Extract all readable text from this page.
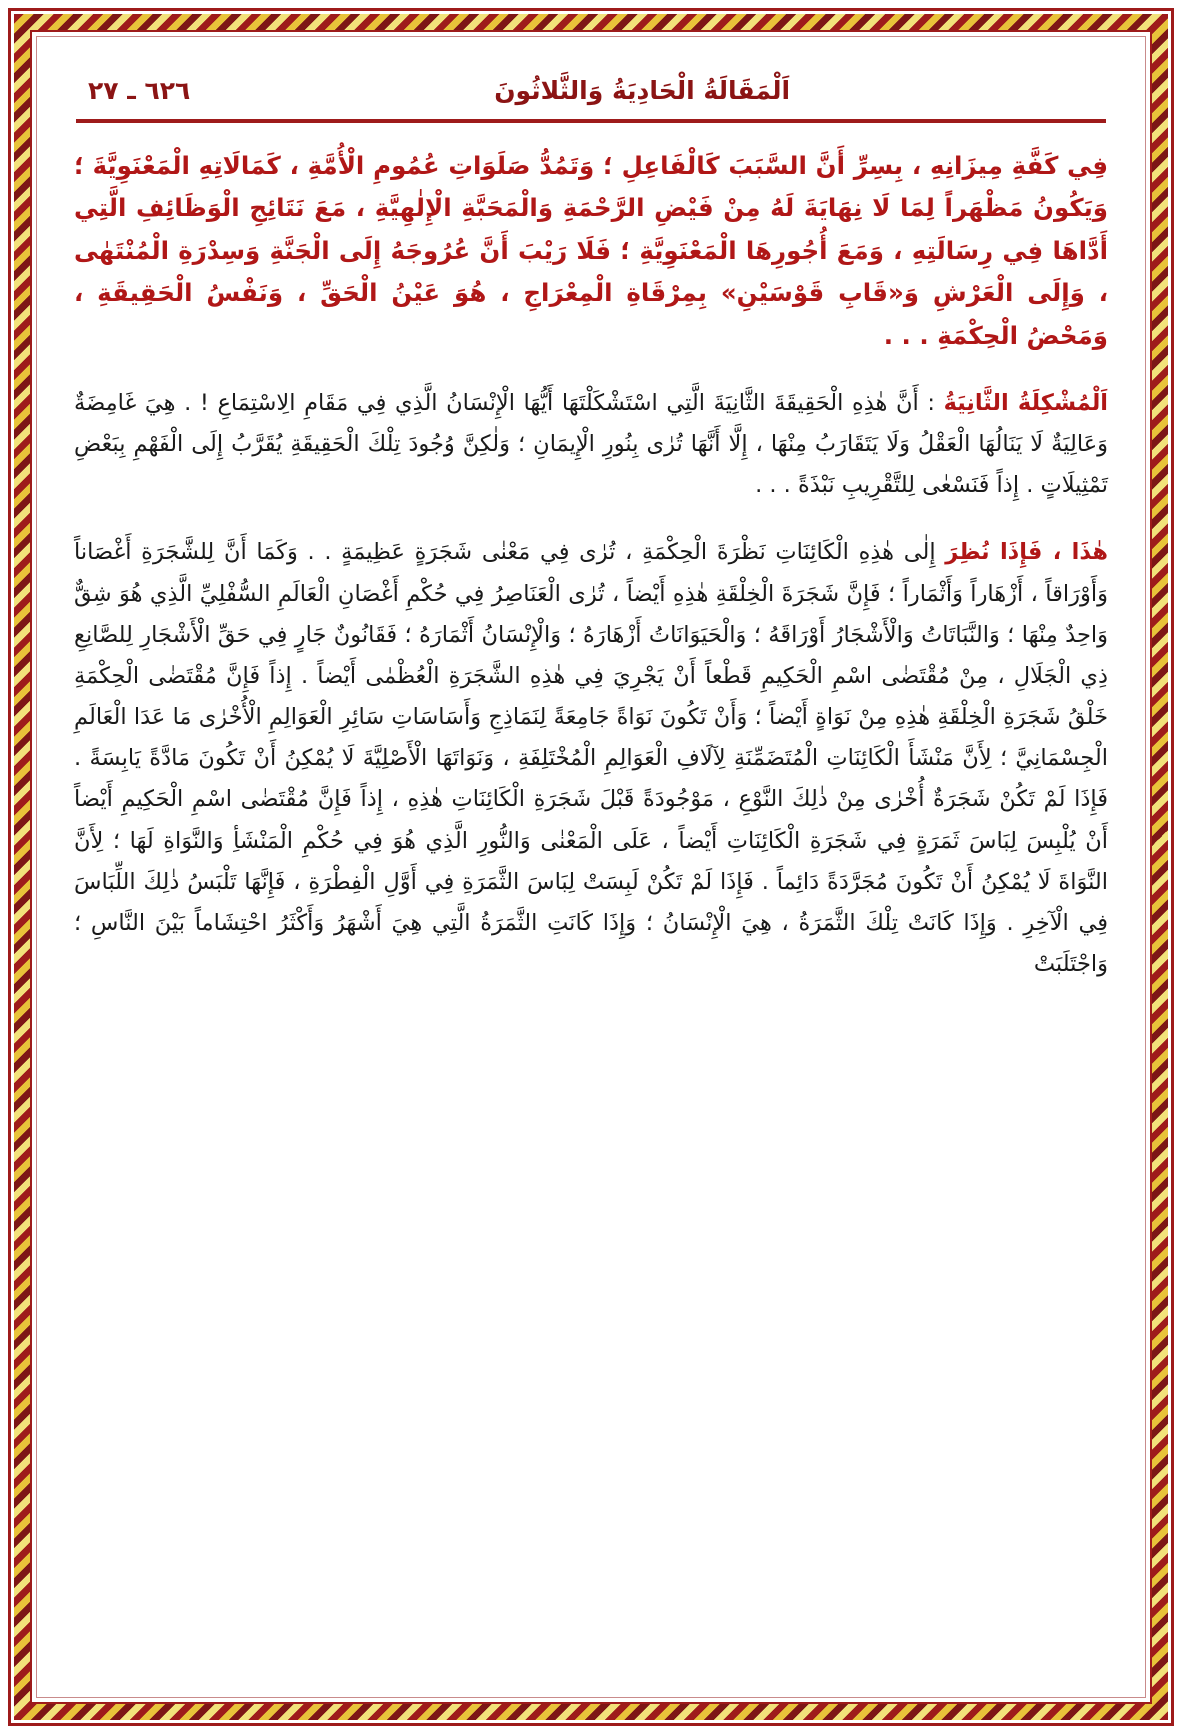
اَلْمَقَالَةُ الْحَادِيَةُ وَالثَّلاثُونَ
٦٢٦ ـ ٢٧

فِي كَفَّةِ مِيزَانِهِ ، بِسِرِّ أَنَّ السَّبَبَ كَالْفَاعِلِ ؛ وَتَمُدُّ صَلَوَاتِ عُمُومِ الْأُمَّةِ ، كَمَالَاتِهِ الْمَعْنَوِيَّةَ ؛ وَيَكُونُ مَظْهَراً لِمَا لَا نِهَايَةَ لَهُ مِنْ فَيْضِ الرَّحْمَةِ وَالْمَحَبَّةِ الْإِلٰهِيَّةِ ، مَعَ نَتَائِجِ الْوَظَائِفِ الَّتِي أَدَّاهَا فِي رِسَالَتِهِ ، وَمَعَ أُجُورِهَا الْمَعْنَوِيَّةِ ؛ فَلَا رَيْبَ أَنَّ عُرُوجَهُ إِلَى الْجَنَّةِ وَسِدْرَةِ الْمُنْتَهٰى ، وَإِلَى الْعَرْشِ وَ«قَابِ قَوْسَيْنِ» بِمِرْقَاةِ الْمِعْرَاجِ ، هُوَ عَيْنُ الْحَقِّ ، وَنَفْسُ الْحَقِيقَةِ ، وَمَحْضُ الْحِكْمَةِ . . .

اَلْمُشْكِلَةُ الثَّانِيَةُ : أَنَّ هٰذِهِ الْحَقِيقَةَ الثَّانِيَةَ الَّتِي اسْتَشْكَلْتَهَا أَيُّهَا الْإِنْسَانُ الَّذِي فِي مَقَامِ الِاسْتِمَاعِ ! . هِيَ غَامِضَةٌ وَعَالِيَةٌ لَا يَنَالُهَا الْعَقْلُ وَلَا يَتَقَارَبُ مِنْهَا ، إِلَّا أَنَّهَا تُرٰى بِنُورِ الْإِيمَانِ ؛ وَلٰكِنَّ وُجُودَ تِلْكَ الْحَقِيقَةِ يُقَرَّبُ إِلَى الْفَهْمِ بِبَعْضِ تَمْثِيلَاتٍ . إِذاً فَنَسْعٰى لِلتَّقْرِيبِ نَبْذَةً . . .

هٰذَا ، فَإِذَا نُظِرَ إِلٰى هٰذِهِ الْكَائِنَاتِ نَظْرَةَ الْحِكْمَةِ ، تُرٰى فِي مَعْنٰى شَجَرَةٍ عَظِيمَةٍ . . وَكَمَا أَنَّ لِلشَّجَرَةِ أَغْصَاناً وَأَوْرَاقاً ، أَزْهَاراً وَأَثْمَاراً ؛ فَإِنَّ شَجَرَةَ الْخِلْقَةِ هٰذِهِ أَيْضاً ، تُرٰى الْعَنَاصِرُ فِي حُكْمِ أَغْصَانِ الْعَالَمِ السُّفْلِيِّ الَّذِي هُوَ شِقٌّ وَاحِدٌ مِنْهَا ؛ وَالنَّبَاتَاتُ وَالْأَشْجَارُ أَوْرَاقَهُ ؛ وَالْحَيَوَانَاتُ أَزْهَارَهُ ؛ وَالْإِنْسَانُ أَثْمَارَهُ ؛ فَقَانُونٌ جَارٍ فِي حَقِّ الْأَشْجَارِ لِلصَّانِعِ ذِي الْجَلَالِ ، مِنْ مُقْتَضٰى اسْمِ الْحَكِيمِ قَطْعاً أَنْ يَجْرِيَ فِي هٰذِهِ الشَّجَرَةِ الْعُظْمٰى أَيْضاً . إِذاً فَإِنَّ مُقْتَضٰى الْحِكْمَةِ خَلْقُ شَجَرَةِ الْخِلْقَةِ هٰذِهِ مِنْ نَوَاةٍ أَيْضاً ؛ وَأَنْ تَكُونَ نَوَاةً جَامِعَةً لِنَمَاذِجِ وَأَسَاسَاتِ سَائِرِ الْعَوَالِمِ الْأُخْرٰى مَا عَدَا الْعَالَمِ الْجِسْمَانِيَّ ؛ لِأَنَّ مَنْشَأَ الْكَائِنَاتِ الْمُتَضَمِّنَةِ لِآلَافِ الْعَوَالِمِ الْمُخْتَلِفَةِ ، وَنَوَاتَهَا الْأَصْلِيَّةَ لَا يُمْكِنُ أَنْ تَكُونَ مَادَّةً يَابِسَةً . فَإِذَا لَمْ تَكُنْ شَجَرَةٌ أُخْرٰى مِنْ ذٰلِكَ النَّوْعِ ، مَوْجُودَةً قَبْلَ شَجَرَةِ الْكَائِنَاتِ هٰذِهِ ، إِذاً فَإِنَّ مُقْتَضٰى اسْمِ الْحَكِيمِ أَيْضاً أَنْ يُلْبِسَ لِبَاسَ ثَمَرَةٍ فِي شَجَرَةِ الْكَائِنَاتِ أَيْضاً ، عَلَى الْمَعْنٰى وَالنُّورِ الَّذِي هُوَ فِي حُكْمِ الْمَنْشَأِ وَالنَّوَاةِ لَهَا ؛ لِأَنَّ النَّوَاةَ لَا يُمْكِنُ أَنْ تَكُونَ مُجَرَّدَةً دَائِماً . فَإِذَا لَمْ تَكُنْ لَبِسَتْ لِبَاسَ الثَّمَرَةِ فِي أَوَّلِ الْفِطْرَةِ ، فَإِنَّهَا تَلْبَسُ ذٰلِكَ اللِّبَاسَ فِي الْآخِرِ . وَإِذَا كَانَتْ تِلْكَ الثَّمَرَةُ ، هِيَ الْإِنْسَانُ ؛ وَإِذَا كَانَتِ الثَّمَرَةُ الَّتِي هِيَ أَشْهَرُ وَأَكْثَرُ احْتِشَاماً بَيْنَ النَّاسِ ؛ وَاجْتَلَبَتْ
